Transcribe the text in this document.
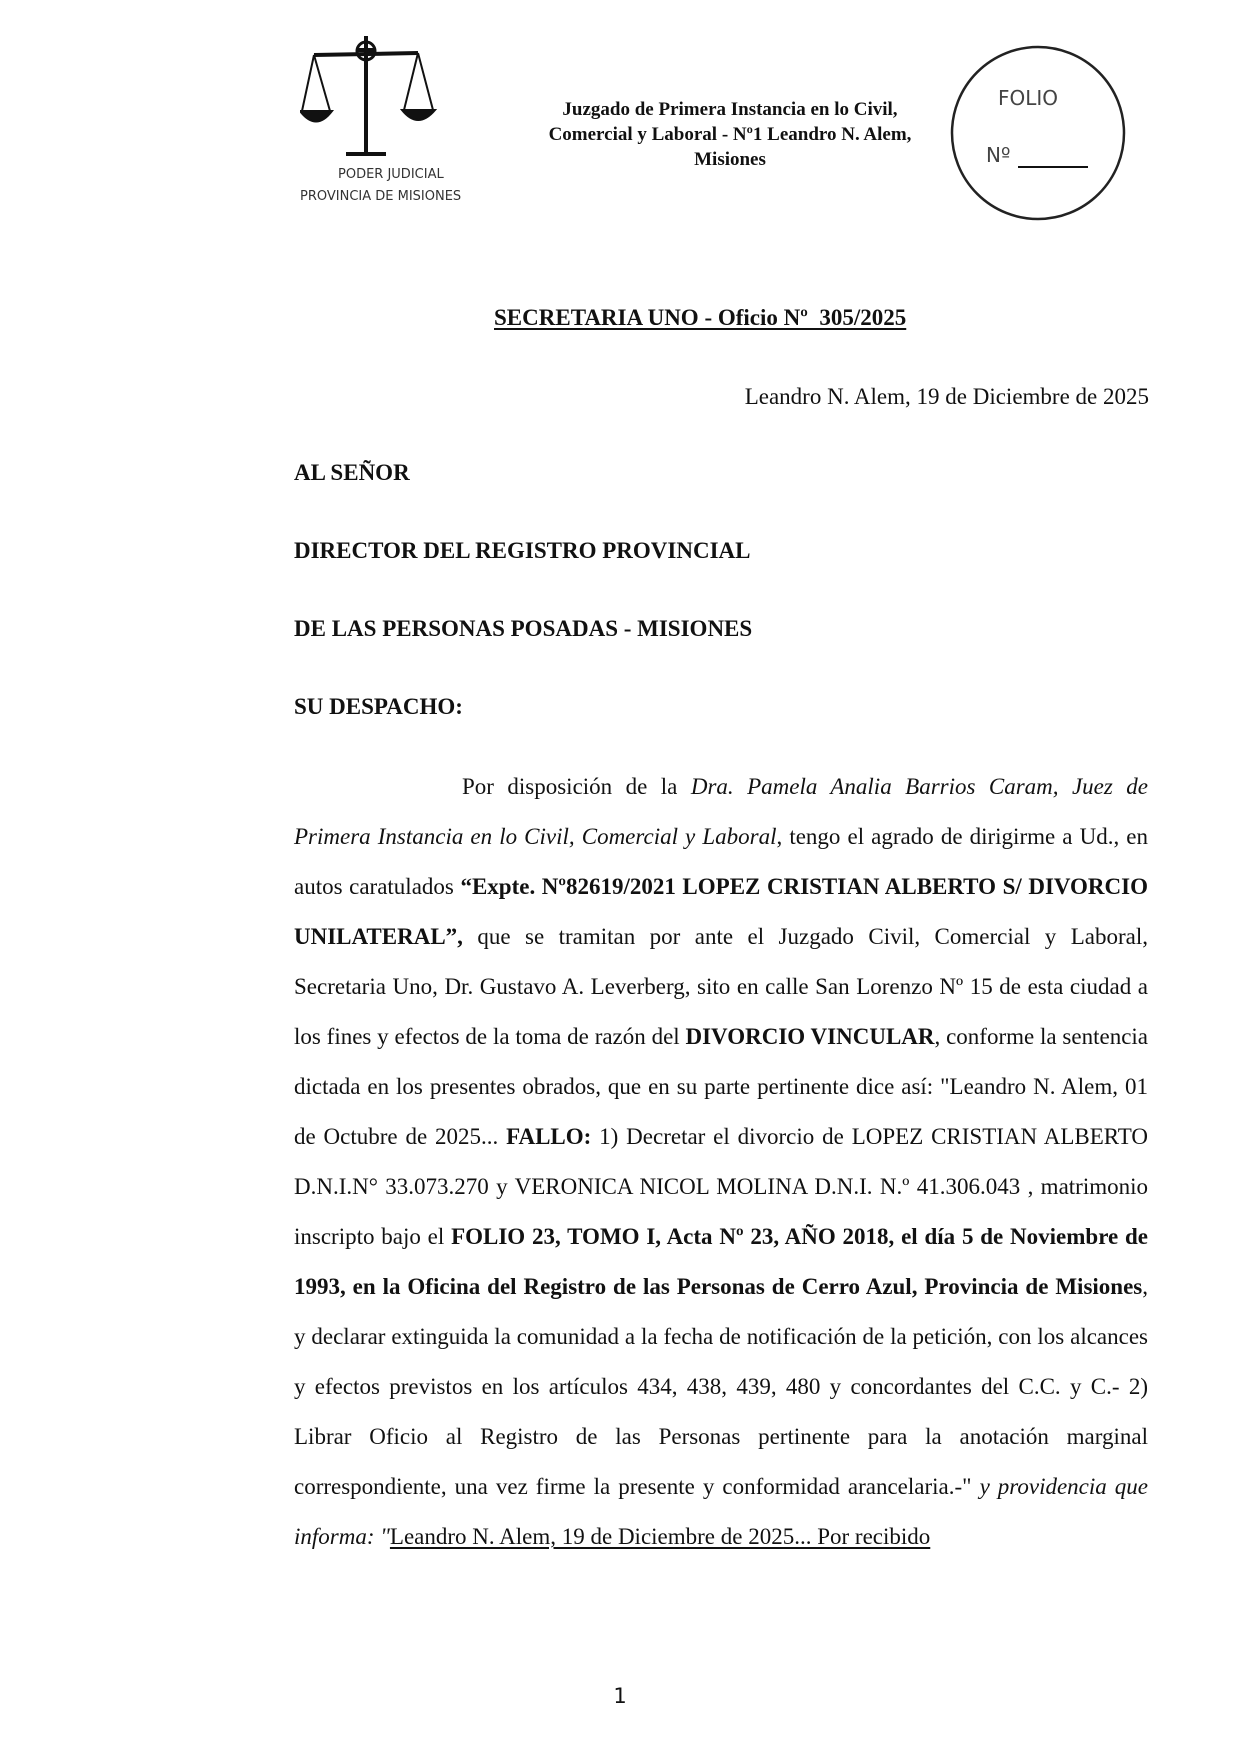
PODER JUDICIAL
PROVINCIA DE MISIONES
Juzgado de Primera Instancia en lo Civil,
Comercial y Laboral - Nº1 Leandro N. Alem,
Misiones
FOLIO
Nº
SECRETARIA UNO - Oficio Nº  305/2025
Leandro N. Alem, 19 de Diciembre de 2025
AL SEÑOR
DIRECTOR DEL REGISTRO PROVINCIAL
DE LAS PERSONAS POSADAS - MISIONES
SU DESPACHO:

Por disposición de la Dra. Pamela Analia Barrios Caram, Juez de Primera Instancia en lo Civil, Comercial y Laboral, tengo el agrado de dirigirme a Ud., en autos caratulados “Expte. Nº82619/2021 LOPEZ CRISTIAN ALBERTO S/ DIVORCIO UNILATERAL”, que se tramitan por ante el Juzgado Civil, Comercial y Laboral, Secretaria Uno, Dr. Gustavo A. Leverberg, sito en calle San Lorenzo Nº 15 de esta ciudad a los fines y efectos de la toma de razón del DIVORCIO VINCULAR, conforme la sentencia dictada en los presentes obrados, que en su parte pertinente dice así: "Leandro N. Alem, 01 de Octubre de 2025... FALLO: 1) Decretar el divorcio de LOPEZ CRISTIAN ALBERTO D.N.I.N° 33.073.270 y VERONICA NICOL MOLINA D.N.I. N.º 41.306.043 , matrimonio inscripto bajo el FOLIO 23, TOMO I, Acta Nº 23, AÑO 2018, el día 5 de Noviembre de 1993, en la Oficina del Registro de las Personas de Cerro Azul, Provincia de Misiones, y declarar extinguida la comunidad a la fecha de notificación de la petición, con los alcances y efectos previstos en los artículos 434, 438, 439, 480 y concordantes del C.C. y C.- 2) Librar Oficio al Registro de las Personas pertinente para la anotación marginal correspondiente, una vez firme la presente y conformidad arancelaria.-" y providencia que informa: "Leandro N. Alem, 19 de Diciembre de 2025... Por recibido

1
